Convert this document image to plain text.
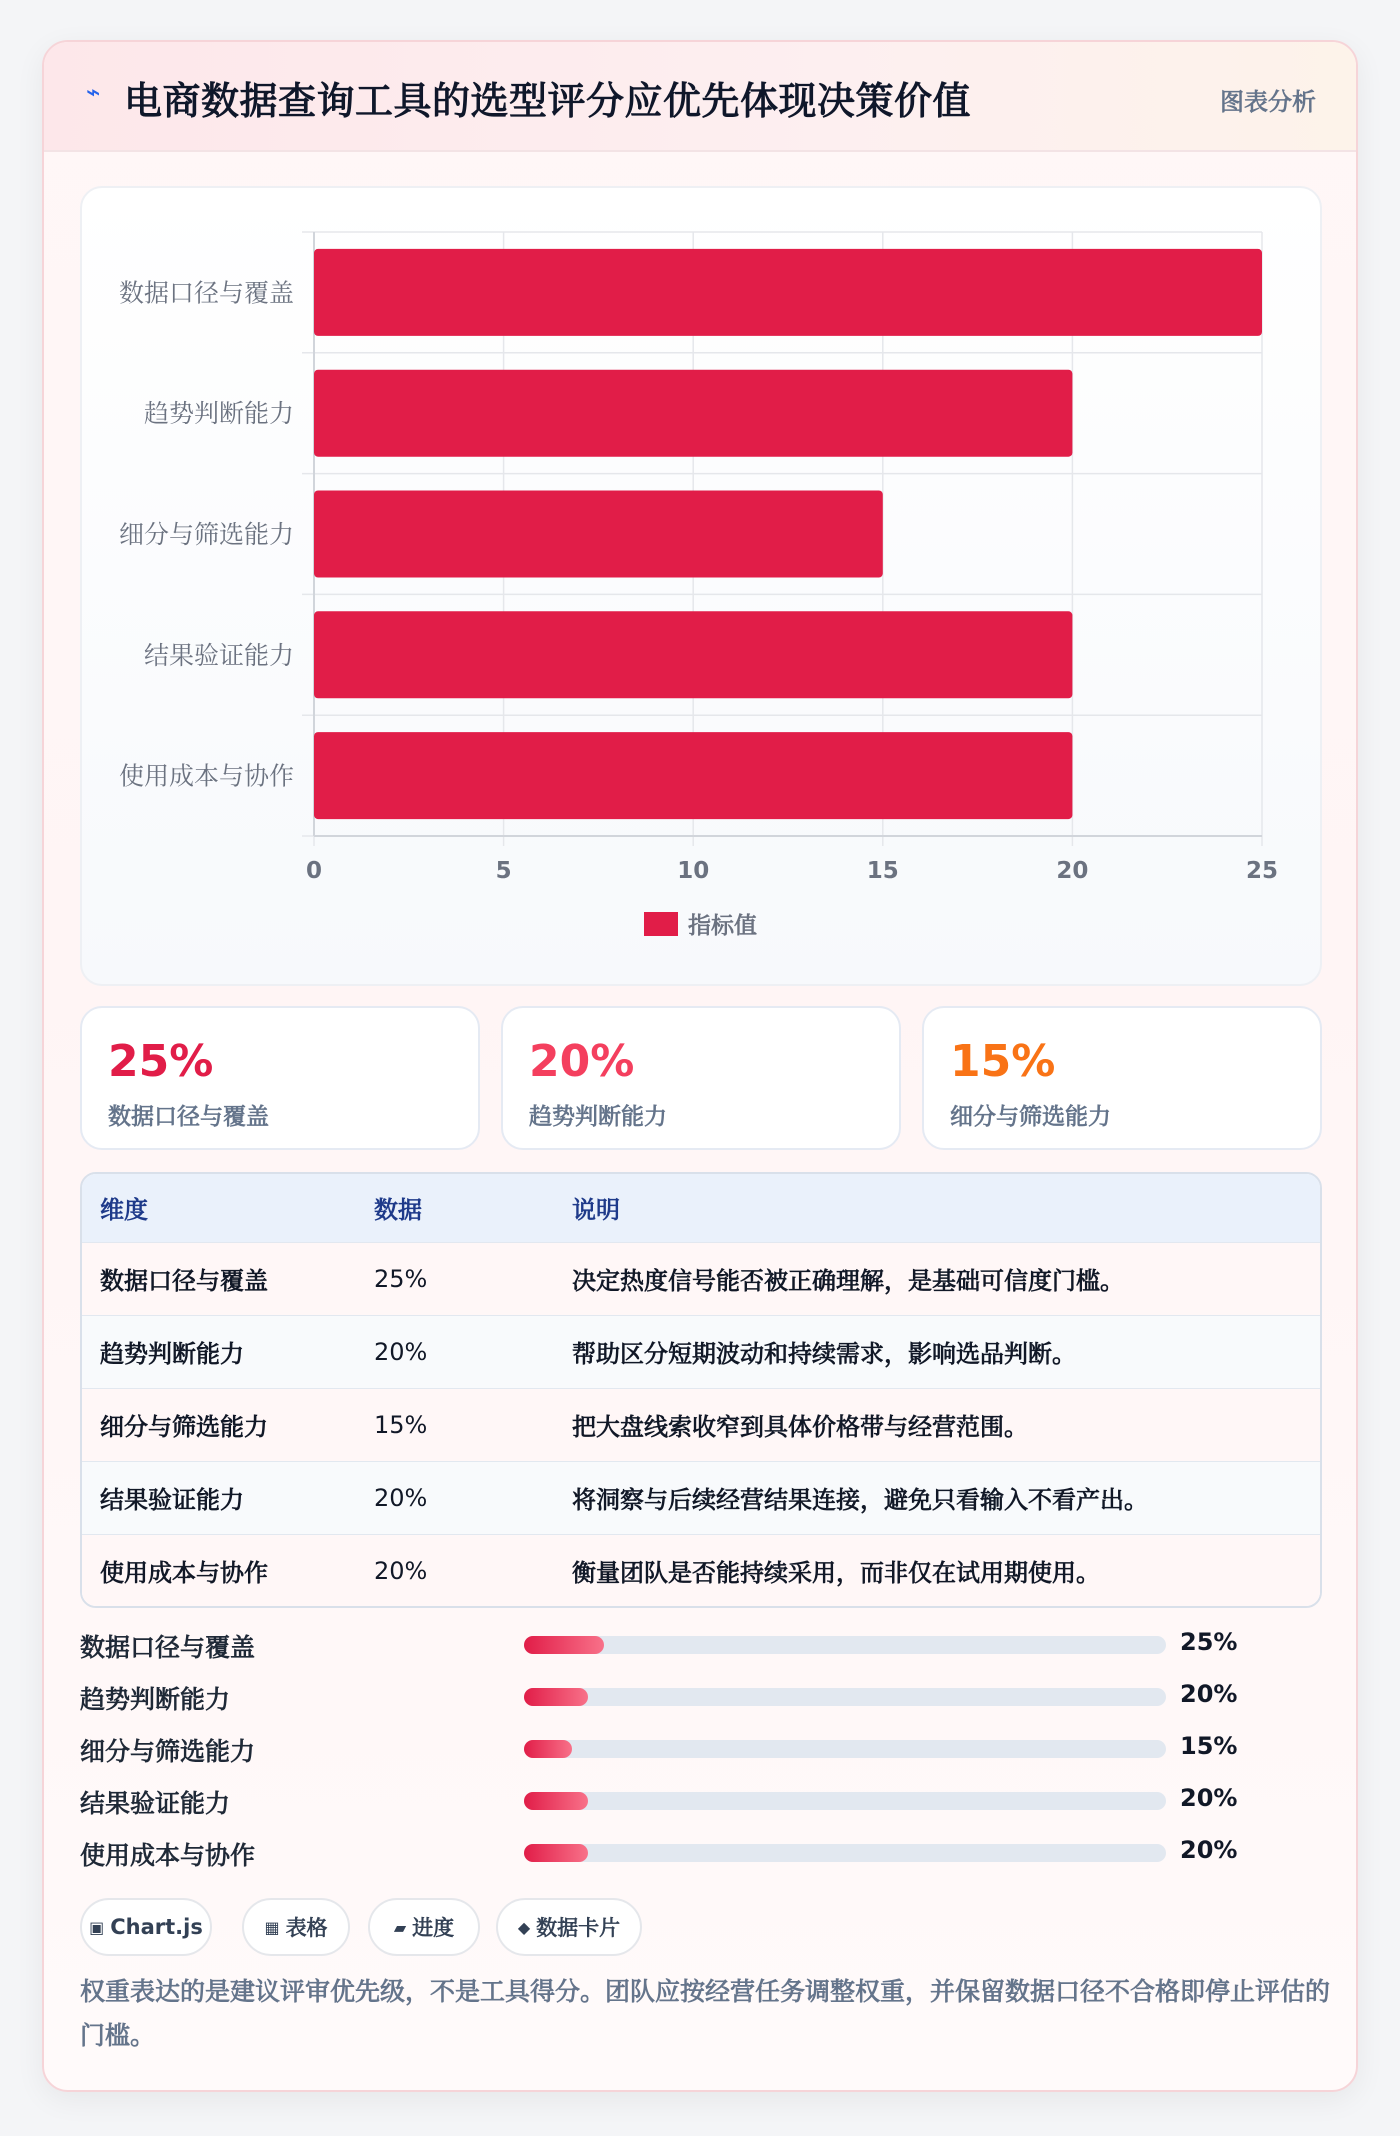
⌁ 电商数据查询工具的选型评分应优先体现决策价值	图表分析
0	5	10	15	20	25
数据口径与覆盖
趋势判断能力
细分与筛选能力
结果验证能力
使用成本与协作
指标值
25%
数据口径与覆盖
20%
趋势判断能力
15%
细分与筛选能力
维度	数据	说明
数据口径与覆盖	25%	决定热度信号能否被正确理解，是基础可信度门槛。
趋势判断能力	20%	帮助区分短期波动和持续需求，影响选品判断。
细分与筛选能力	15%	把大盘线索收窄到具体价格带与经营范围。
结果验证能力	20%	将洞察与后续经营结果连接，避免只看输入不看产出。
使用成本与协作	20%	衡量团队是否能持续采用，而非仅在试用期使用。
数据口径与覆盖	25%
趋势判断能力	20%
细分与筛选能力	15%
结果验证能力	20%
使用成本与协作	20%
▣ Chart.js	▦ 表格	▰ 进度	◆ 数据卡片
权重表达的是建议评审优先级，不是工具得分。团队应按经营任务调整权重，并保留数据口径不合格即停止评估的门槛。
